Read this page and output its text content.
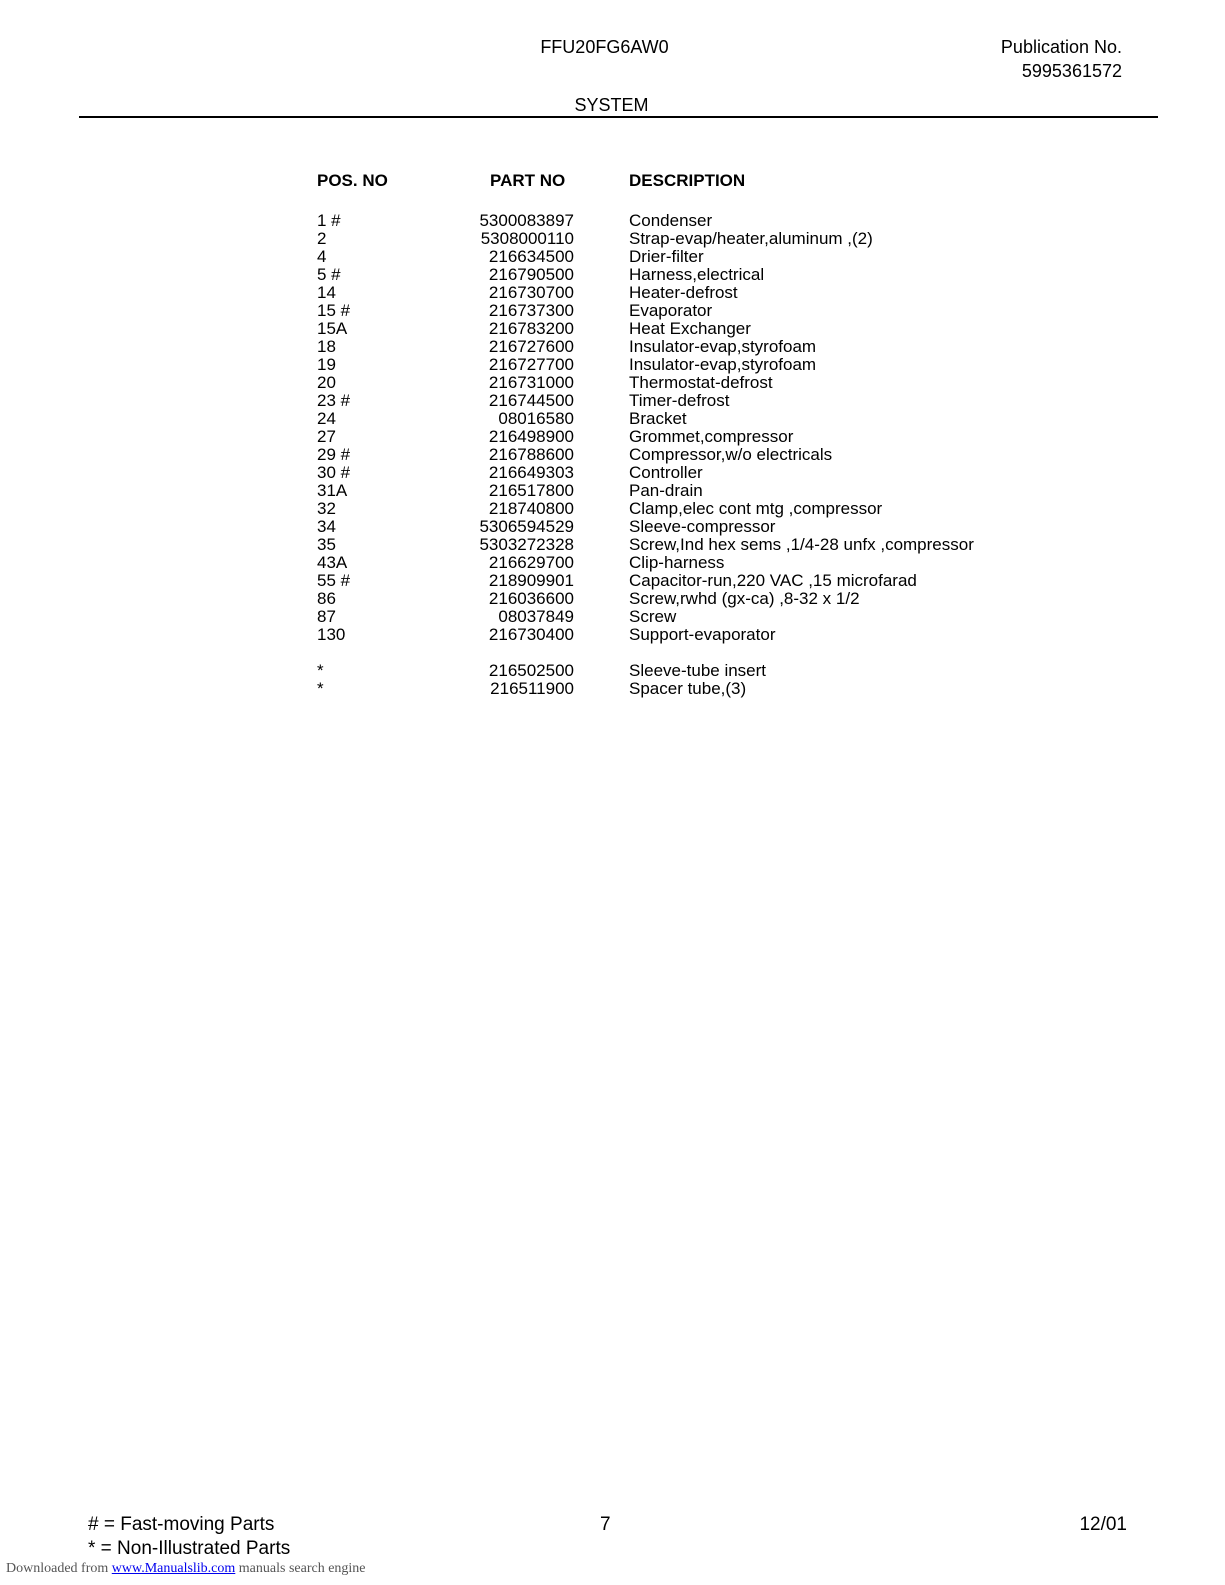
FFU20FG6AW0	Publication No.
5995361572
SYSTEM
POS. NO	PART NO	DESCRIPTION
1 #	5300083897	Condenser
2	5308000110	Strap-evap/heater,aluminum ,(2)
4	216634500	Drier-filter
5 #	216790500	Harness,electrical
14	216730700	Heater-defrost
15 #	216737300	Evaporator
15A	216783200	Heat Exchanger
18	216727600	Insulator-evap,styrofoam
19	216727700	Insulator-evap,styrofoam
20	216731000	Thermostat-defrost
23 #	216744500	Timer-defrost
24	08016580	Bracket
27	216498900	Grommet,compressor
29 #	216788600	Compressor,w/o electricals
30 #	216649303	Controller
31A	216517800	Pan-drain
32	218740800	Clamp,elec cont mtg ,compressor
34	5306594529	Sleeve-compressor
35	5303272328	Screw,Ind hex sems ,1/4-28 unfx ,compressor
43A	216629700	Clip-harness
55 #	218909901	Capacitor-run,220 VAC ,15 microfarad
86	216036600	Screw,rwhd (gx-ca) ,8-32 x 1/2
87	08037849	Screw
130	216730400	Support-evaporator
*	216502500	Sleeve-tube insert
*	216511900	Spacer tube,(3)
# = Fast-moving Parts
* = Non-Illustrated Parts
7	12/01
Downloaded from www.Manualslib.com manuals search engine
